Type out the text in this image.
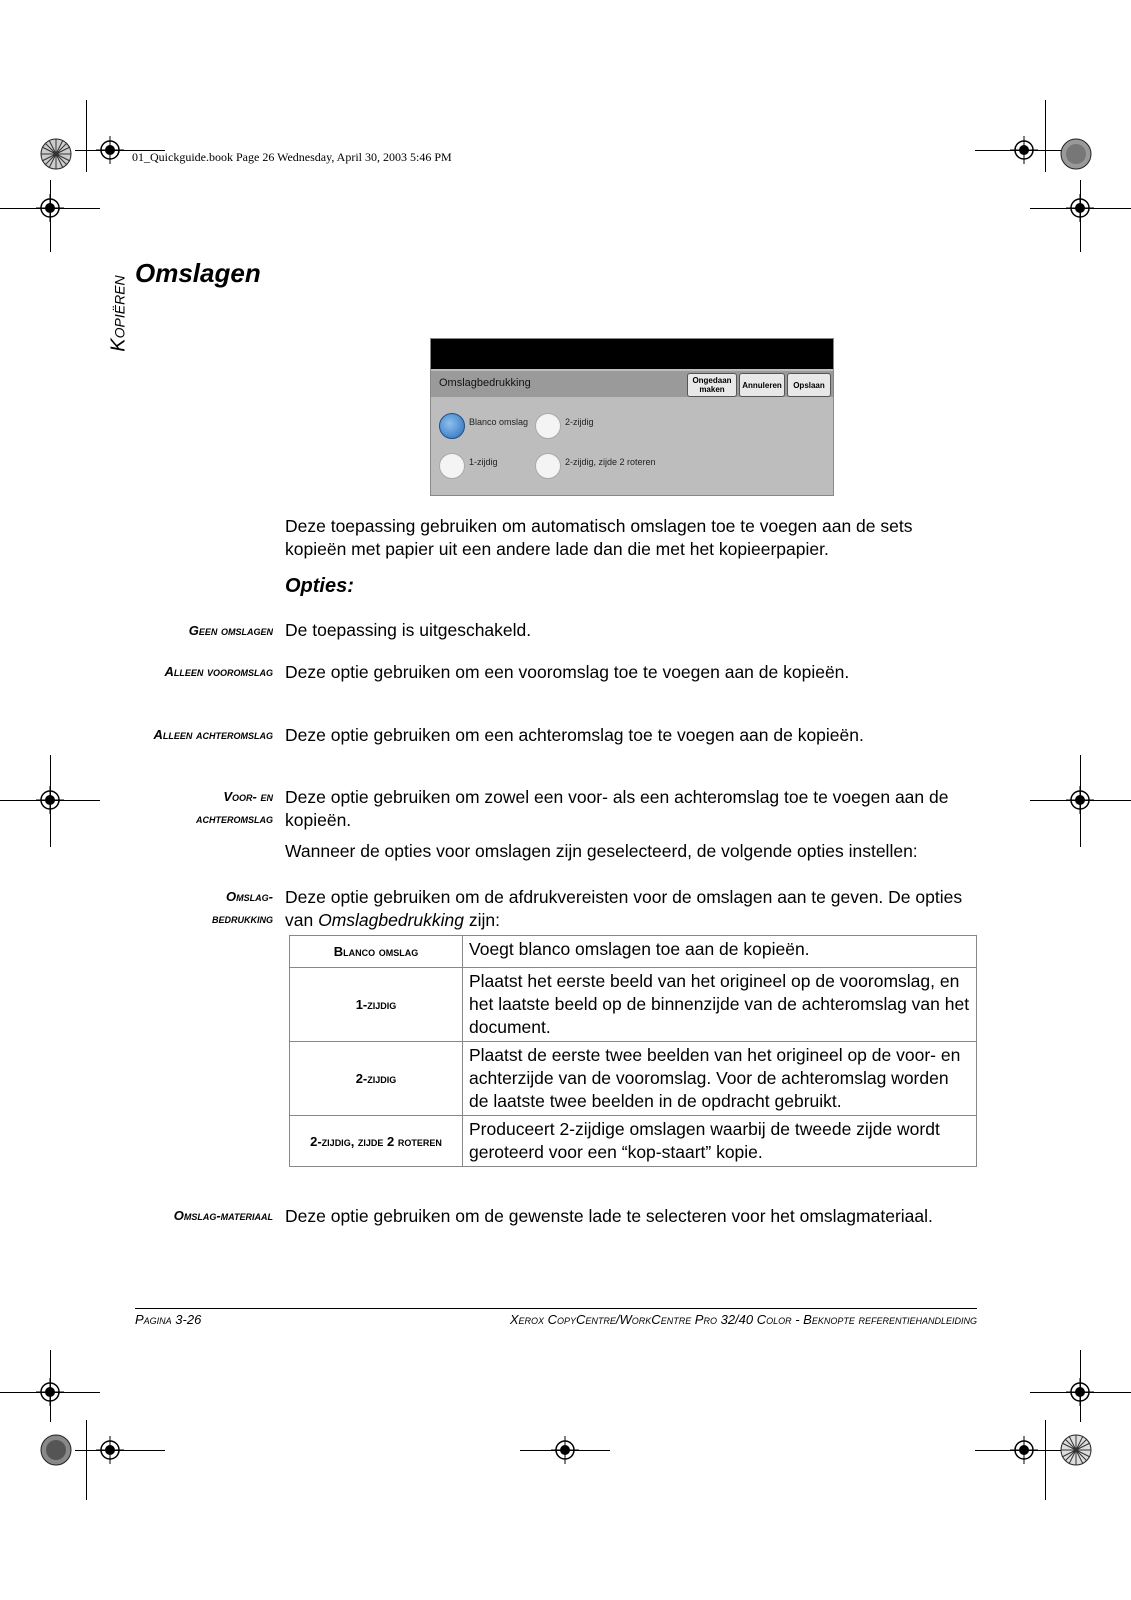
01_Quickguide.book Page 26 Wednesday, April 30, 2003 5:46 PM
Kopiëren
Omslagen
Omslagbedrukking	Ongedaan maken	Annuleren	Opslaan
Blanco omslag	2-zijdig
1-zijdig	2-zijdig, zijde 2 roteren
Deze toepassing gebruiken om automatisch omslagen toe te voegen aan de sets kopieën met papier uit een andere lade dan die met het kopieerpapier.
Opties:
Geen omslagen De toepassing is uitgeschakeld.
Alleen vooromslag Deze optie gebruiken om een vooromslag toe te voegen aan de kopieën.
Alleen achteromslag Deze optie gebruiken om een achteromslag toe te voegen aan de kopieën.
Voor- en achteromslag
Deze optie gebruiken om zowel een voor- als een achteromslag toe te voegen aan de kopieën.
Wanneer de opties voor omslagen zijn geselecteerd, de volgende opties instellen:
Omslag-bedrukking
Deze optie gebruiken om de afdrukvereisten voor de omslagen aan te geven. De opties van Omslagbedrukking zijn:
Blanco omslag	Voegt blanco omslagen toe aan de kopieën.
1-zijdig	Plaatst het eerste beeld van het origineel op de vooromslag, en het laatste beeld op de binnenzijde van de achteromslag van het document.
2-zijdig	Plaatst de eerste twee beelden van het origineel op de voor- en achterzijde van de vooromslag. Voor de achteromslag worden de laatste twee beelden in de opdracht gebruikt.
2-zijdig, zijde 2 roteren	Produceert 2-zijdige omslagen waarbij de tweede zijde wordt geroteerd voor een “kop-staart” kopie.
Omslag-materiaal Deze optie gebruiken om de gewenste lade te selecteren voor het omslagmateriaal.
Pagina 3-26	Xerox CopyCentre/WorkCentre Pro 32/40 Color - Beknopte referentiehandleiding
